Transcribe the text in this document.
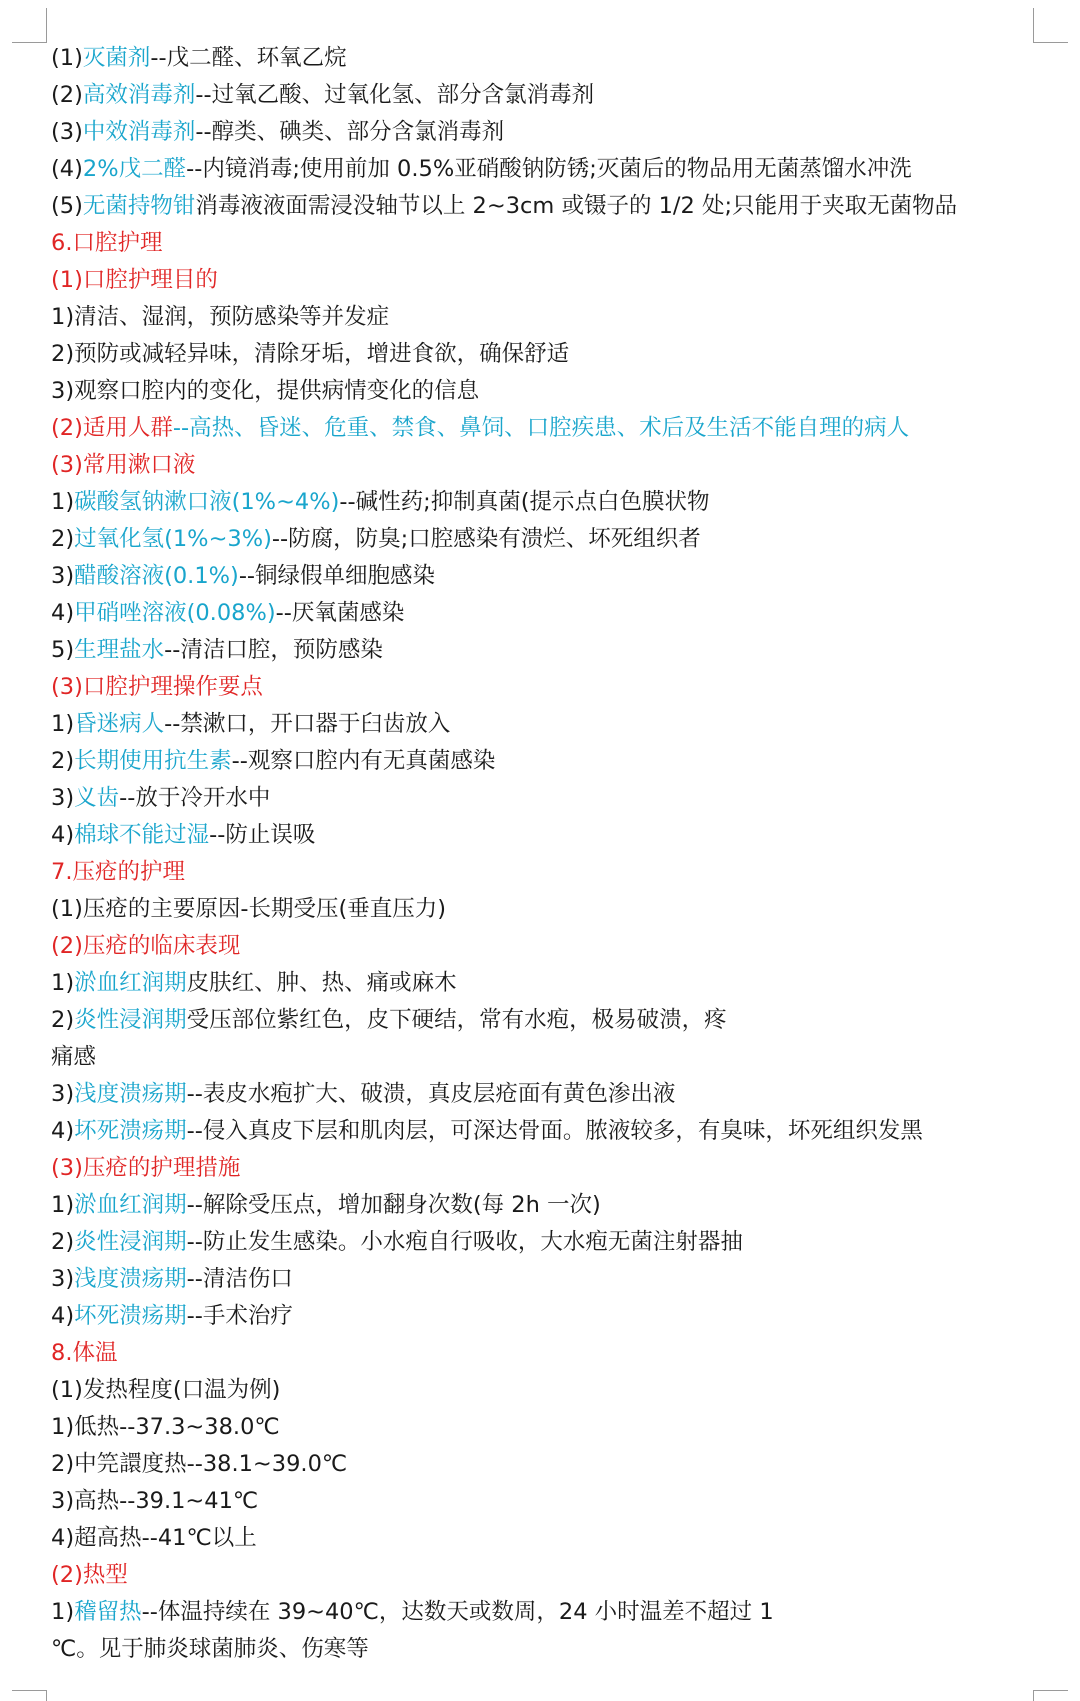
(1)灭菌剂--戊二醛、环氧乙烷
(2)高效消毒剂--过氧乙酸、过氧化氢、部分含氯消毒剂
(3)中效消毒剂--醇类、碘类、部分含氯消毒剂
(4)2%戊二醛--内镜消毒;使用前加 0.5%亚硝酸钠防锈;灭菌后的物品用无菌蒸馏水冲洗
(5)无菌持物钳消毒液液面需浸没轴节以上 2~3cm 或镊子的 1/2 处;只能用于夹取无菌物品
6.口腔护理
(1)口腔护理目的
1)清洁、湿润，预防感染等并发症
2)预防或减轻异味，清除牙垢，增进食欲，确保舒适
3)观察口腔内的变化，提供病情变化的信息
(2)适用人群--高热、昏迷、危重、禁食、鼻饲、口腔疾患、术后及生活不能自理的病人
(3)常用漱口液
1)碳酸氢钠漱口液(1%~4%)--碱性药;抑制真菌(提示点白色膜状物
2)过氧化氢(1%~3%)--防腐，防臭;口腔感染有溃烂、坏死组织者
3)醋酸溶液(0.1%)--铜绿假单细胞感染
4)甲硝唑溶液(0.08%)--厌氧菌感染
5)生理盐水--清洁口腔，预防感染
(3)口腔护理操作要点
1)昏迷病人--禁漱口，开口器于臼齿放入
2)长期使用抗生素--观察口腔内有无真菌感染
3)义齿--放于冷开水中
4)棉球不能过湿--防止误吸
7.压疮的护理
(1)压疮的主要原因-长期受压(垂直压力)
(2)压疮的临床表现
1)淤血红润期皮肤红、肿、热、痛或麻木
2)炎性浸润期受压部位紫红色，皮下硬结，常有水疱，极易破溃，疼
痛感
3)浅度溃疡期--表皮水疱扩大、破溃，真皮层疮面有黄色渗出液
4)坏死溃疡期--侵入真皮下层和肌肉层，可深达骨面。脓液较多，有臭味，坏死组织发黑
(3)压疮的护理措施
1)淤血红润期--解除受压点，增加翻身次数(每 2h 一次)
2)炎性浸润期--防止发生感染。小水疱自行吸收，大水疱无菌注射器抽
3)浅度溃疡期--清洁伤口
4)坏死溃疡期--手术治疗
8.体温
(1)发热程度(口温为例)
1)低热--37.3~38.0℃
2)中笎譞度热--38.1~39.0℃
3)高热--39.1~41℃
4)超高热--41℃以上
(2)热型
1)稽留热--体温持续在 39~40℃，达数天或数周，24 小时温差不超过 1
℃。见于肺炎球菌肺炎、伤寒等
